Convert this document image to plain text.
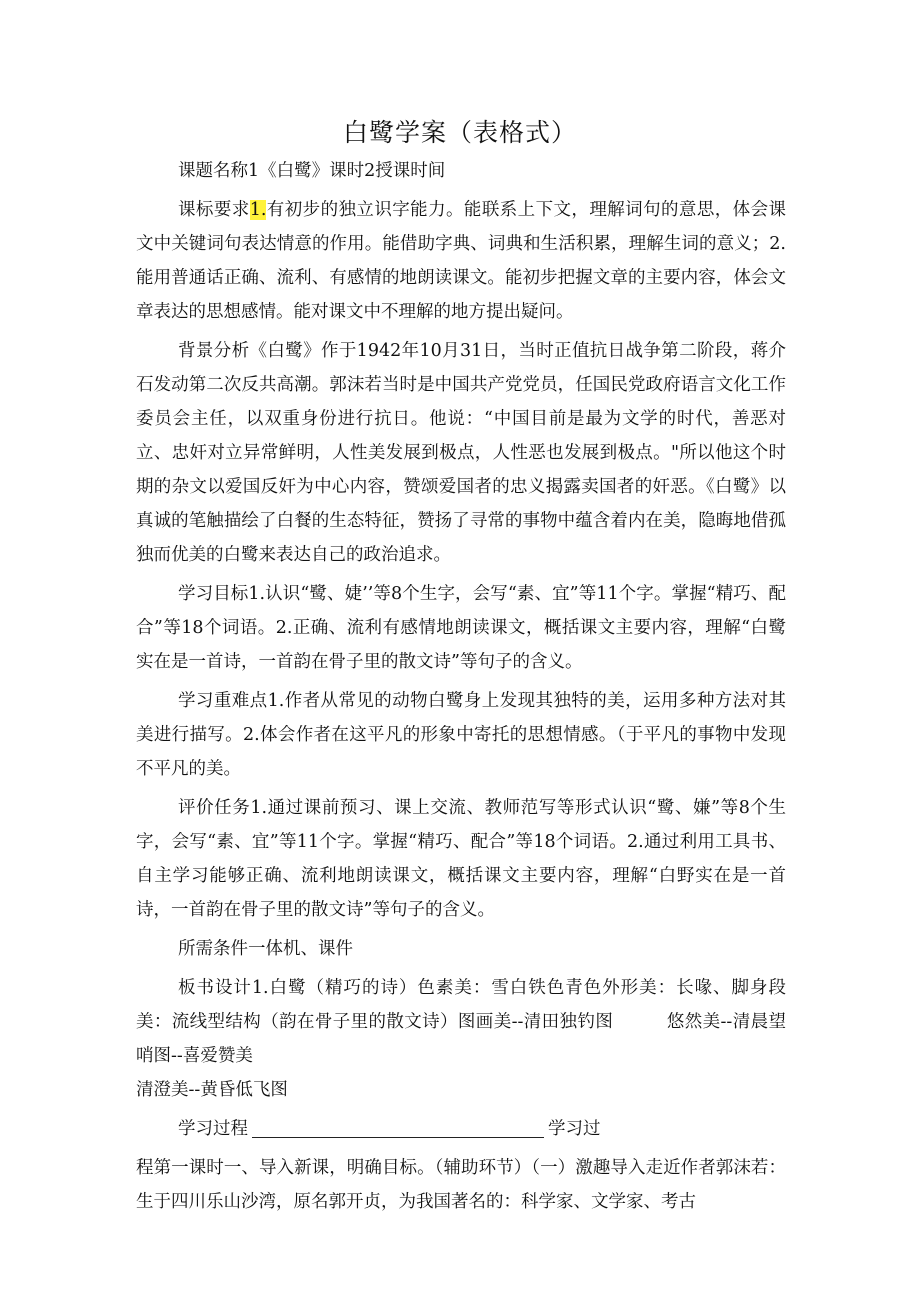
白鹭学案（表格式）

课题名称1《白鹭》课时2授课时间

课标要求1.有初步的独立识字能力。能联系上下文，理解词句的意思，体会课文中关键词句表达情意的作用。能借助字典、词典和生活积累，理解生词的意义；2.能用普通话正确、流利、有感情的地朗读课文。能初步把握文章的主要内容，体会文章表达的思想感情。能对课文中不理解的地方提出疑问。

背景分析《白鹭》作于1942年10月31日，当时正值抗日战争第二阶段，蒋介石发动第二次反共高潮。郭沫若当时是中国共产党党员，任国民党政府语言文化工作委员会主任，以双重身份进行抗日。他说：“中国目前是最为文学的时代，善恶对立、忠奸对立异常鲜明，人性美发展到极点，人性恶也发展到极点。"所以他这个时期的杂文以爱国反奸为中心内容，赞颂爱国者的忠义揭露卖国者的奸恶。《白鹭》以真诚的笔触描绘了白餐的生态特征，赞扬了寻常的事物中蕴含着内在美，隐晦地借孤独而优美的白鹭来表达自己的政治追求。

学习目标1.认识“鹭、婕’’等8个生字，会写“素、宜”等11个字。掌握“精巧、配合”等18个词语。2.正确、流利有感情地朗读课文，概括课文主要内容，理解“白鹭实在是一首诗，一首韵在骨子里的散文诗”等句子的含义。

学习重难点1.作者从常见的动物白鹭身上发现其独特的美，运用多种方法对其美进行描写。2.体会作者在这平凡的形象中寄托的思想情感。（于平凡的事物中发现不平凡的美。

评价任务1.通过课前预习、课上交流、教师范写等形式认识“鹭、嫌”等8个生字，会写“素、宜”等11个字。掌握“精巧、配合”等18个词语。2.通过利用工具书、自主学习能够正确、流利地朗读课文，概括课文主要内容，理解“白野实在是一首诗，一首韵在骨子里的散文诗”等句子的含义。

所需条件一体机、课件

板书设计1.白鹭（精巧的诗）色素美：雪白铁色青色外形美：长喙、脚身段美：流线型结构（韵在骨子里的散文诗）图画美--清田独钓图　　　悠然美--清晨望哨图--喜爱赞美

清澄美--黄昏低飞图

学习过程	学习过

程第一课时一、导入新课，明确目标。（辅助环节）（一）激趣导入走近作者郭沫若：生于四川乐山沙湾，原名郭开贞，为我国著名的：科学家、文学家、考古
